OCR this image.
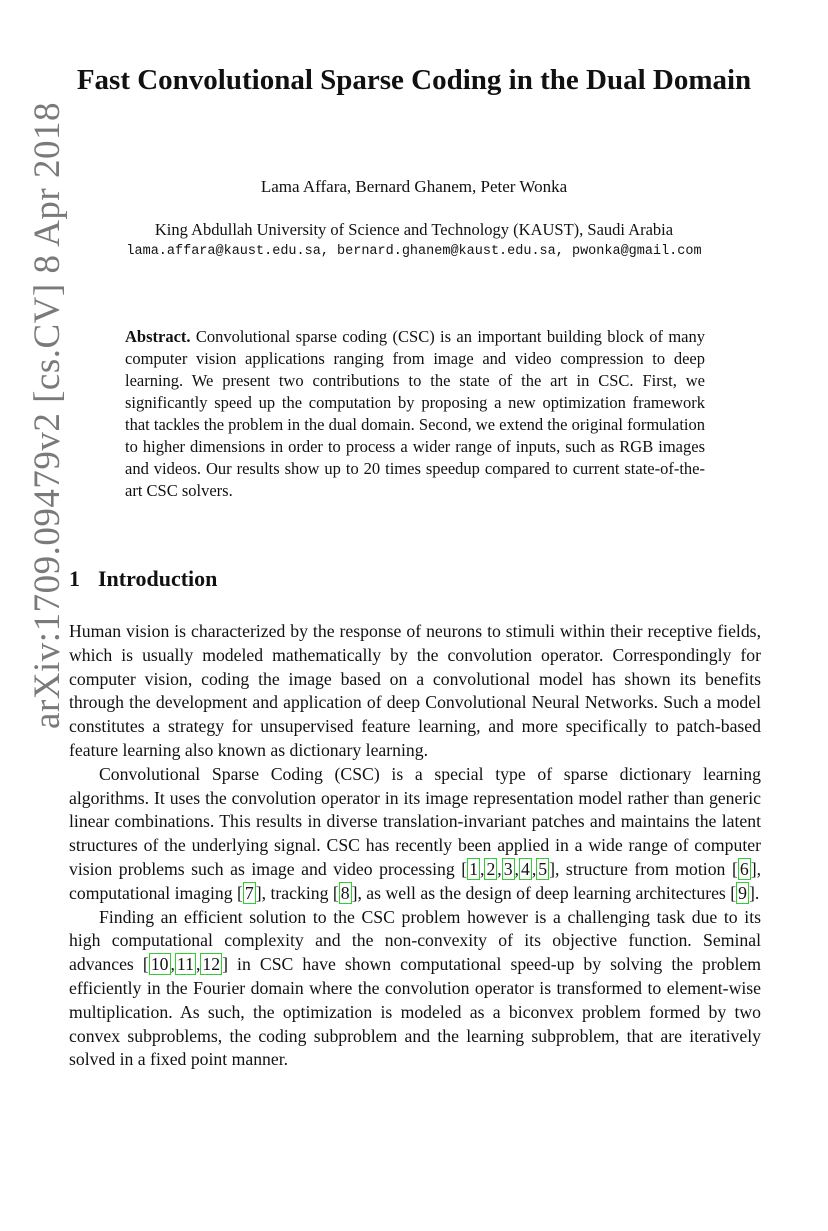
arXiv:1709.09479v2 [cs.CV] 8 Apr 2018
Fast Convolutional Sparse Coding in the Dual Domain
Lama Affara, Bernard Ghanem, Peter Wonka
King Abdullah University of Science and Technology (KAUST), Saudi Arabia
lama.affara@kaust.edu.sa, bernard.ghanem@kaust.edu.sa, pwonka@gmail.com

Abstract. Convolutional sparse coding (CSC) is an important building block of many computer vision applications ranging from image and video compression to deep learning. We present two contributions to the state of the art in CSC. First, we significantly speed up the computation by proposing a new optimization framework that tackles the problem in the dual domain. Second, we extend the original formulation to higher dimensions in order to process a wider range of inputs, such as RGB images and videos. Our results show up to 20 times speedup compared to current state-of-the-art CSC solvers.

1 Introduction

Human vision is characterized by the response of neurons to stimuli within their receptive fields, which is usually modeled mathematically by the convolution operator. Correspondingly for computer vision, coding the image based on a convolutional model has shown its benefits through the development and application of deep Convolutional Neural Networks. Such a model constitutes a strategy for unsupervised feature learning, and more specifically to patch-based feature learning also known as dictionary learning.

Convolutional Sparse Coding (CSC) is a special type of sparse dictionary learning algorithms. It uses the convolution operator in its image representation model rather than generic linear combinations. This results in diverse translation-invariant patches and maintains the latent structures of the underlying signal. CSC has recently been applied in a wide range of computer vision problems such as image and video processing [ 1 , 2 , 3 , 4 , 5 ], structure from motion [ 6 ], computational imaging [ 7 ], tracking [ 8 ], as well as the design of deep learning architectures [ 9 ].

Finding an efficient solution to the CSC problem however is a challenging task due to its high computational complexity and the non-convexity of its objective function. Seminal advances [ 10 , 11 , 12 ] in CSC have shown computational speed-up by solving the problem efficiently in the Fourier domain where the convolution operator is transformed to element-wise multiplication. As such, the optimization is modeled as a biconvex problem formed by two convex subproblems, the coding subproblem and the learning subproblem, that are iteratively solved in a fixed point manner.
